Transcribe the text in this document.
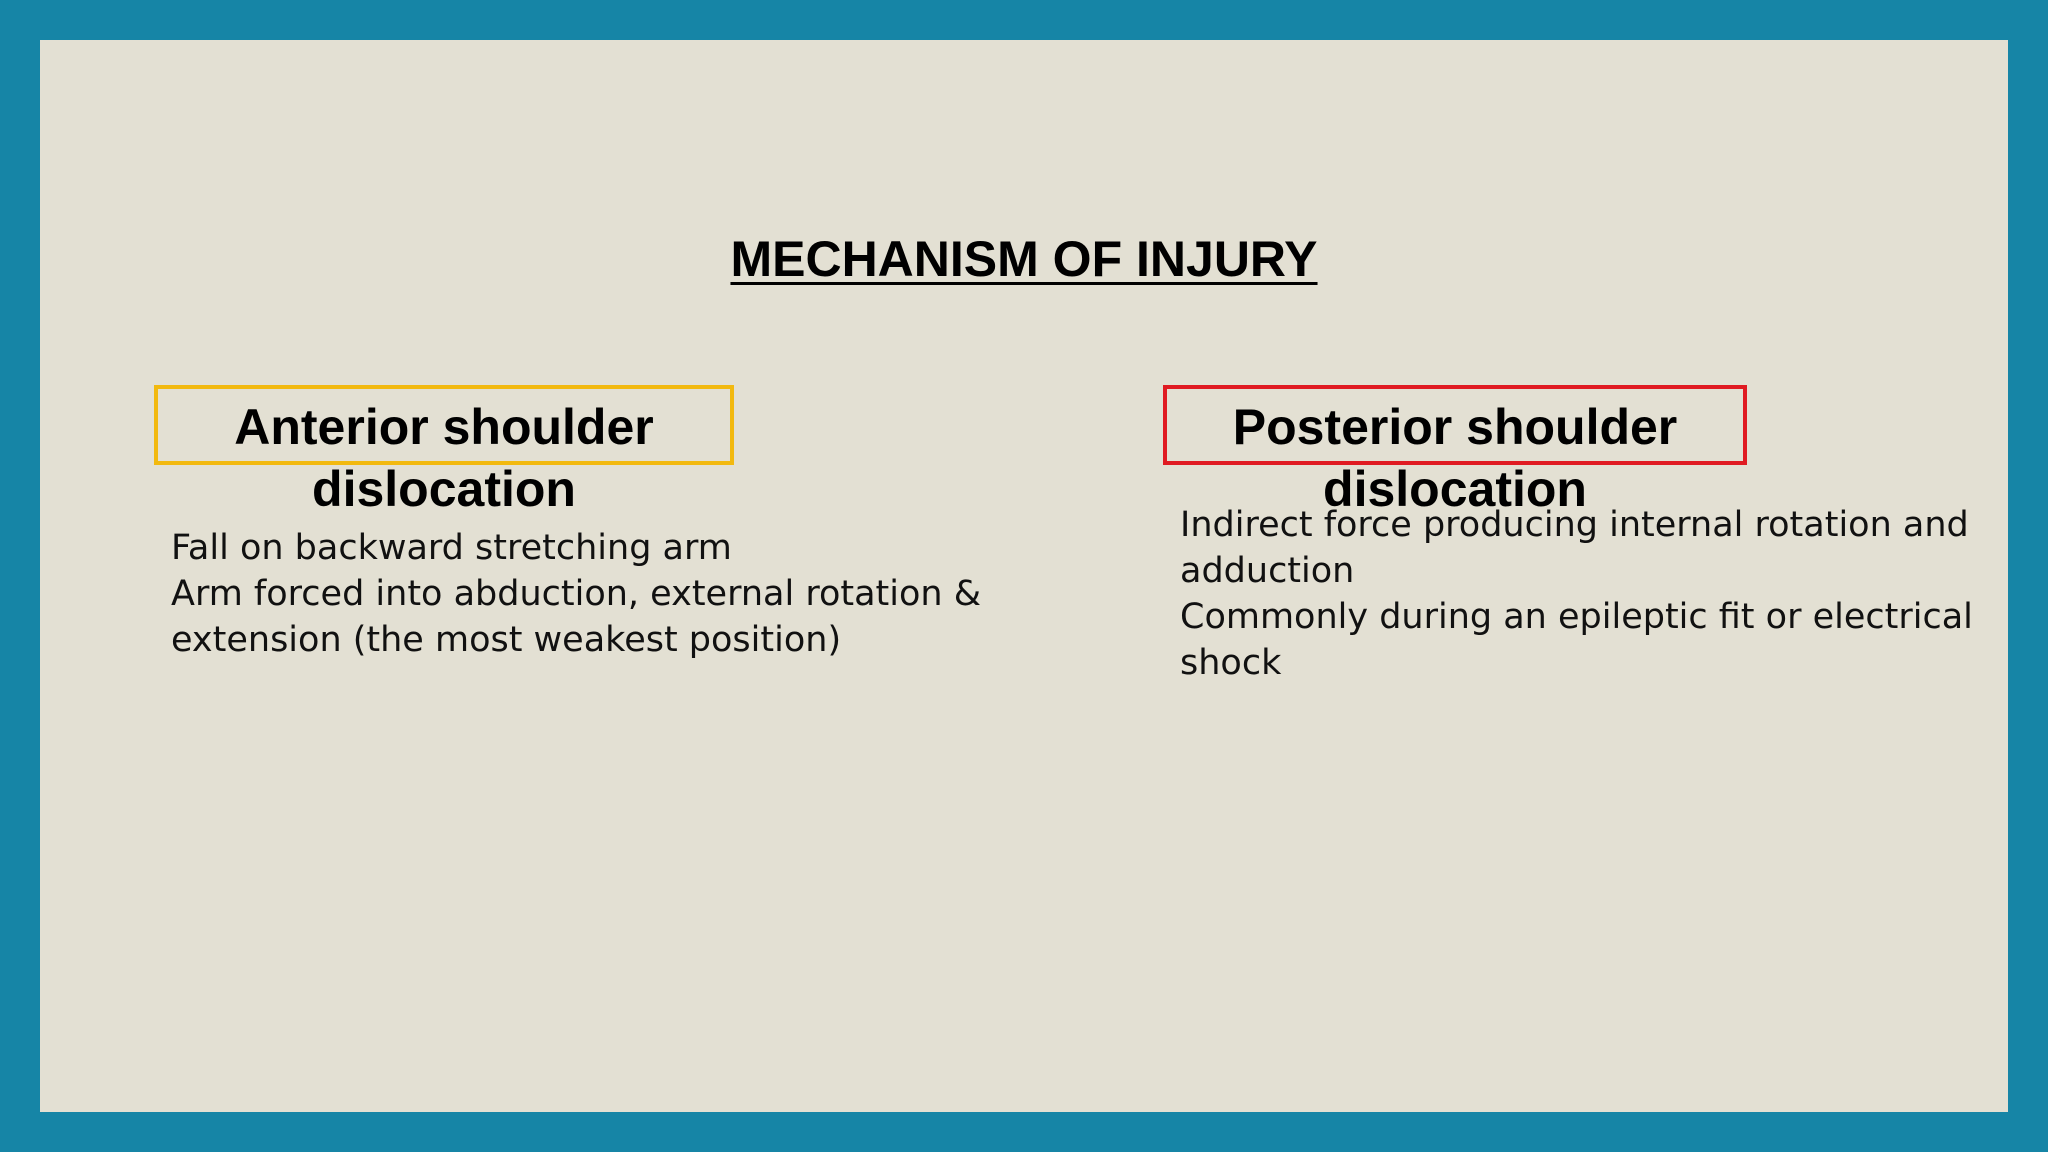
MECHANISM OF INJURY
Anterior shoulder dislocation
Fall on backward stretching arm
Arm forced into abduction, external rotation & extension (the most weakest position)
Posterior shoulder dislocation
Indirect force producing internal rotation and adduction
Commonly during an epileptic fit or electrical shock
